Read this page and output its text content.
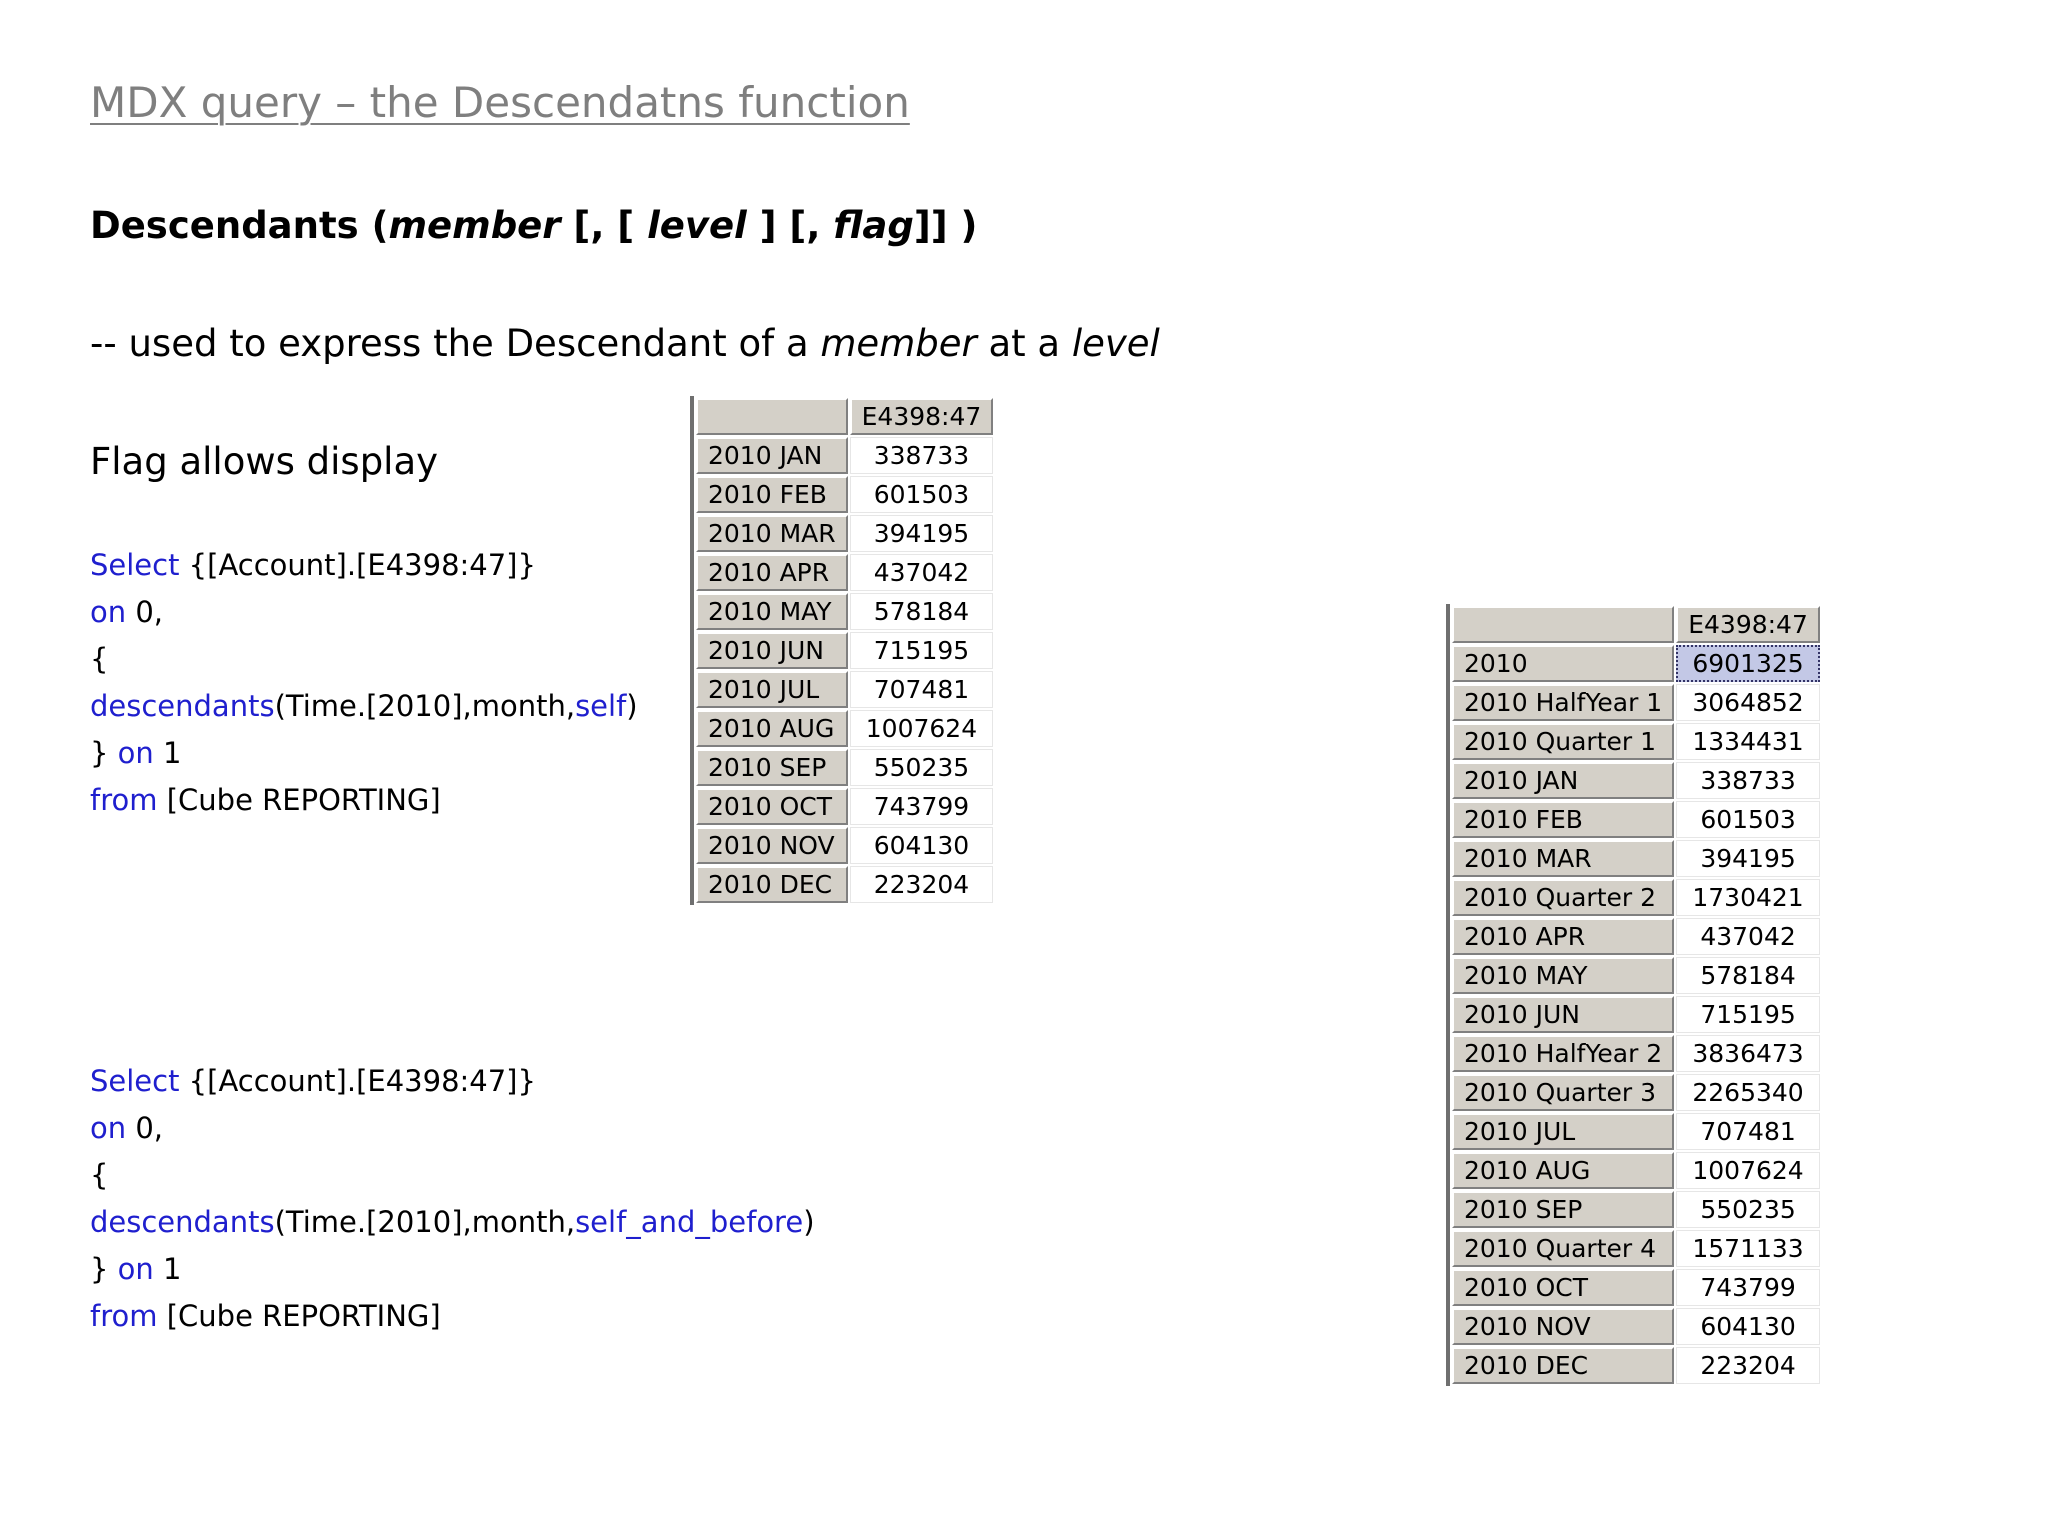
MDX query – the Descendatns function
Descendants (member [, [ level ] [, flag]] )
-- used to express the Descendant of a member at a level
Flag allows display
Select {[Account].[E4398:47]}
on 0,
{
descendants(Time.[2010],month,self)
} on 1
from [Cube REPORTING]
Select {[Account].[E4398:47]}
on 0,
{
descendants(Time.[2010],month,self_and_before)
} on 1
from [Cube REPORTING]
	E4398:47
2010 JAN	338733
2010 FEB	601503
2010 MAR	394195
2010 APR	437042
2010 MAY	578184
2010 JUN	715195
2010 JUL	707481
2010 AUG	1007624
2010 SEP	550235
2010 OCT	743799
2010 NOV	604130
2010 DEC	223204
	E4398:47
2010	6901325
2010 HalfYear 1	3064852
2010 Quarter 1	1334431
2010 JAN	338733
2010 FEB	601503
2010 MAR	394195
2010 Quarter 2	1730421
2010 APR	437042
2010 MAY	578184
2010 JUN	715195
2010 HalfYear 2	3836473
2010 Quarter 3	2265340
2010 JUL	707481
2010 AUG	1007624
2010 SEP	550235
2010 Quarter 4	1571133
2010 OCT	743799
2010 NOV	604130
2010 DEC	223204
